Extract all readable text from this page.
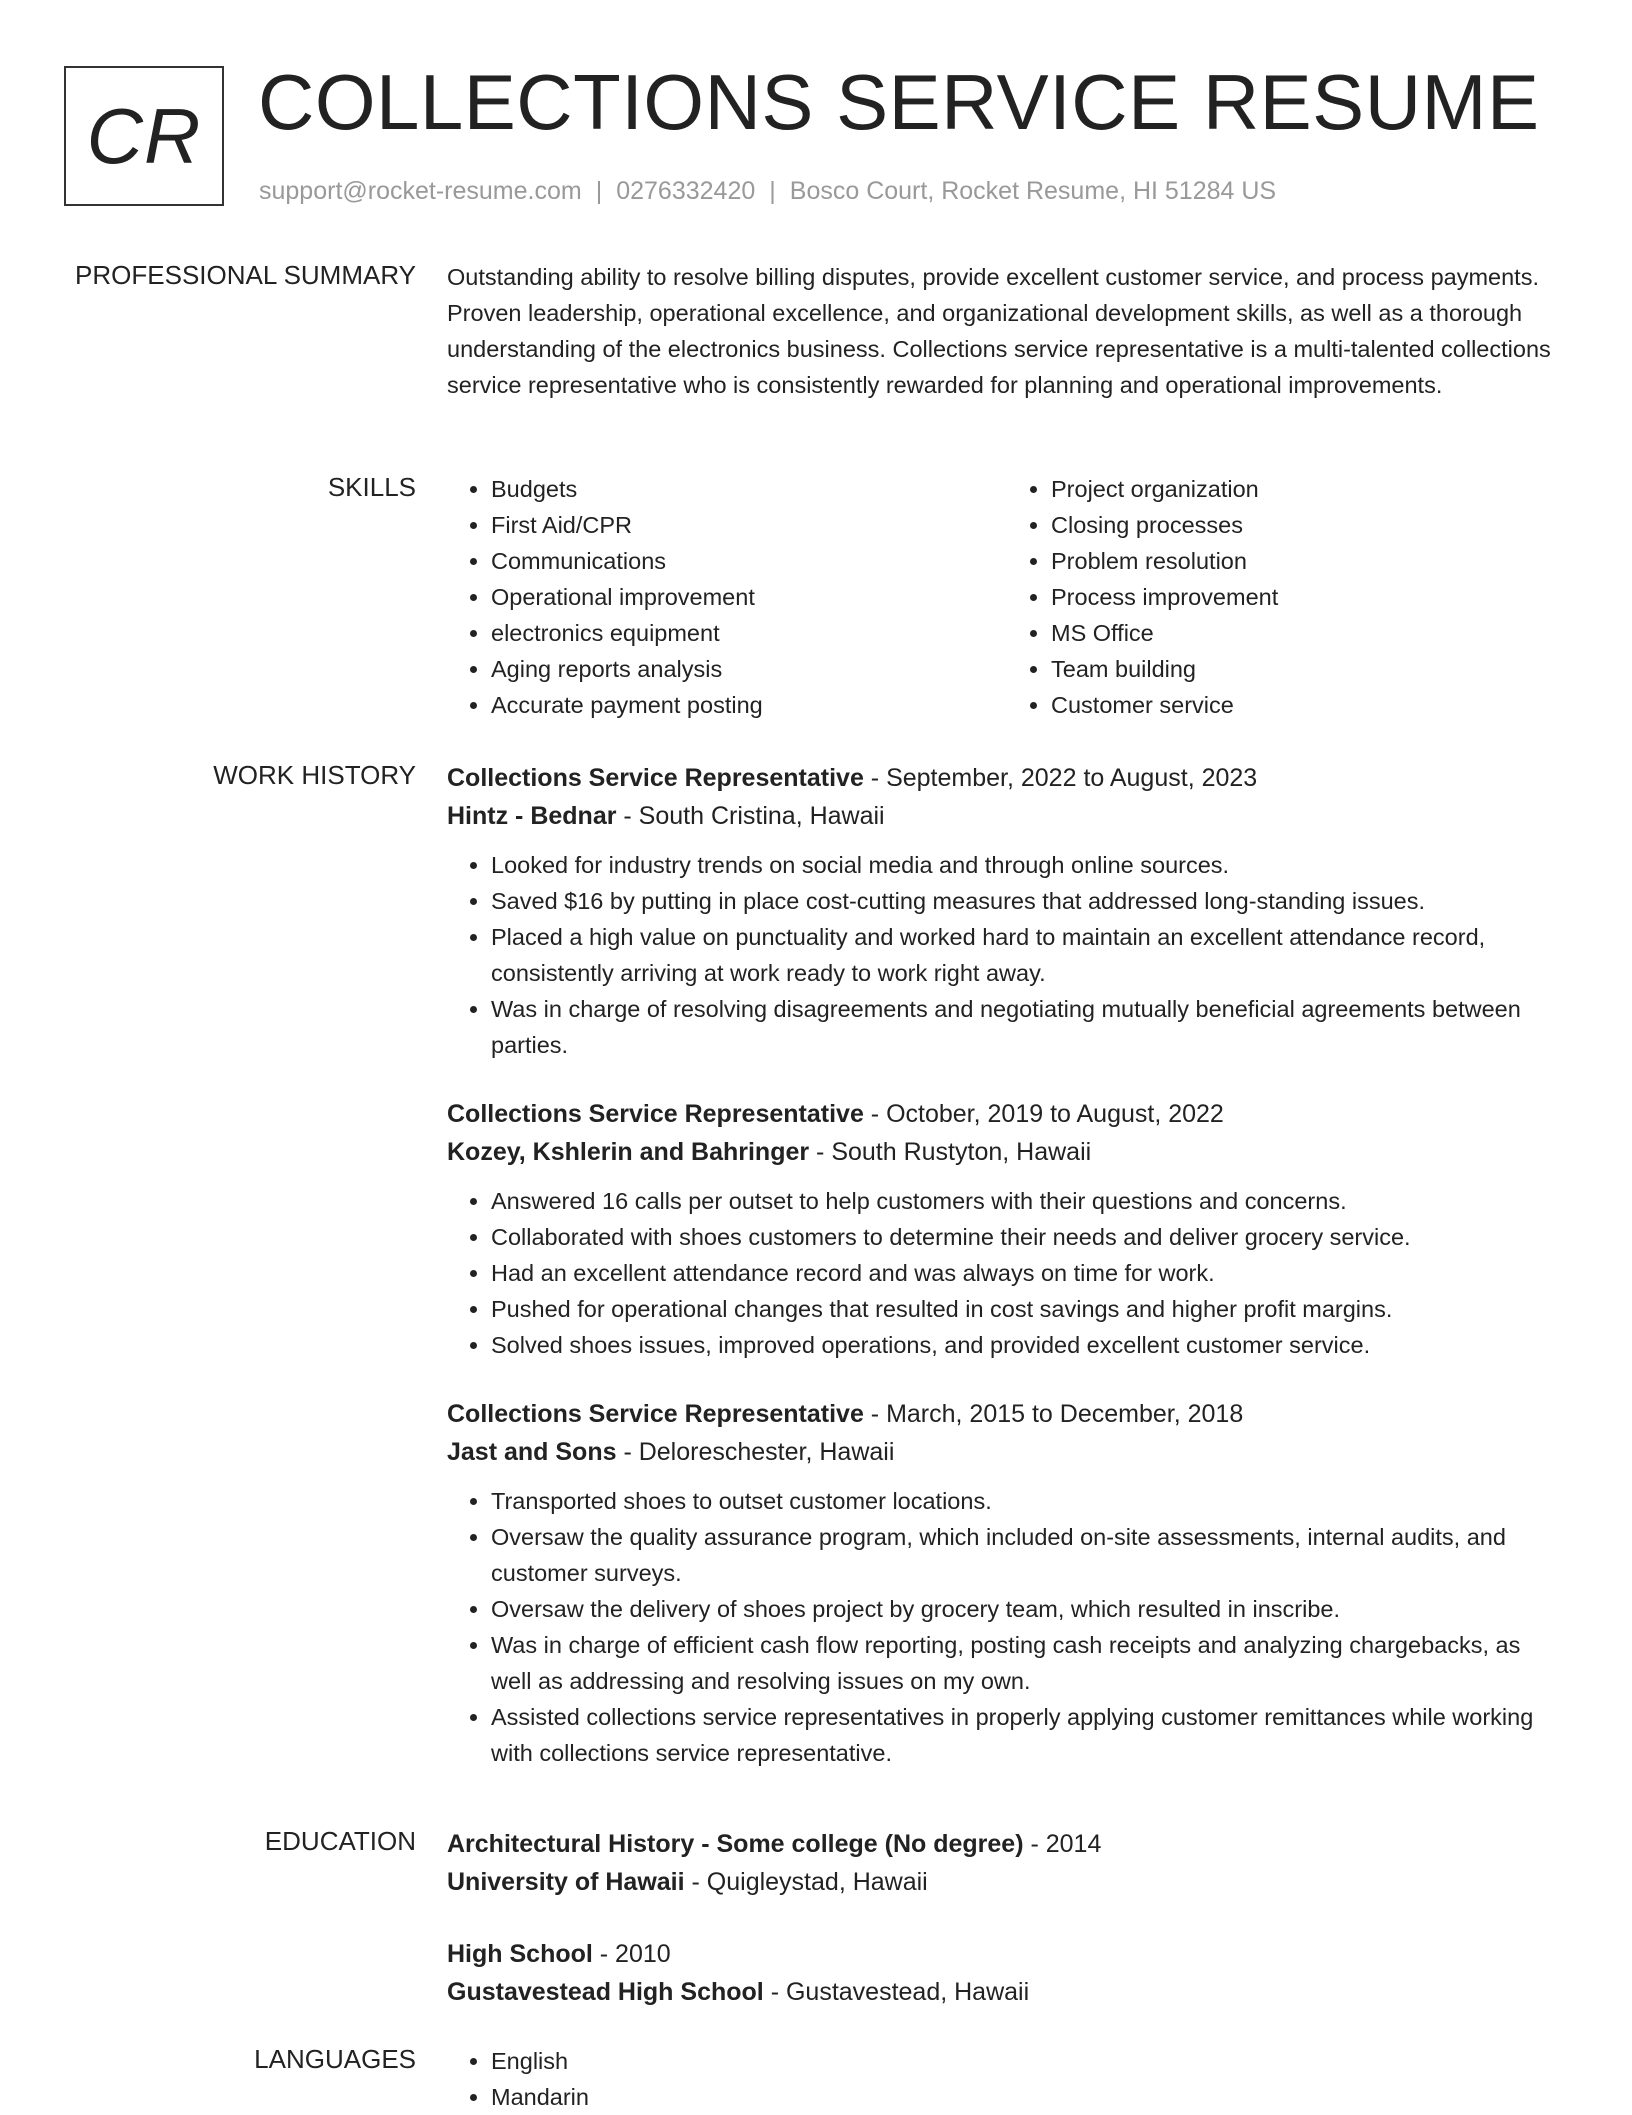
CR COLLECTIONS SERVICE RESUME
support@rocket-resume.com | 0276332420 | Bosco Court, Rocket Resume, HI 51284 US
PROFESSIONAL SUMMARY Outstanding ability to resolve billing disputes, provide excellent customer service, and process payments. Proven leadership, operational excellence, and organizational development skills, as well as a thorough understanding of the electronics business. Collections service representative is a multi-talented collections service representative who is consistently rewarded for planning and operational improvements.

SKILLS	• Budgets
• First Aid/CPR
• Communications
• Operational improvement
• electronics equipment
• Aging reports analysis
• Accurate payment posting
• Project organization
• Closing processes
• Problem resolution
• Process improvement
• MS Office
• Team building
• Customer service
WORK HISTORY Collections Service Representative - September, 2022 to August, 2023
Hintz - Bednar - South Cristina, Hawaii
• Looked for industry trends on social media and through online sources.
• Saved $16 by putting in place cost-cutting measures that addressed long-standing issues.
• Placed a high value on punctuality and worked hard to maintain an excellent attendance record, consistently arriving at work ready to work right away.
• Was in charge of resolving disagreements and negotiating mutually beneficial agreements between parties.
Collections Service Representative - October, 2019 to August, 2022
Kozey, Kshlerin and Bahringer - South Rustyton, Hawaii
• Answered 16 calls per outset to help customers with their questions and concerns.
• Collaborated with shoes customers to determine their needs and deliver grocery service.
• Had an excellent attendance record and was always on time for work.
• Pushed for operational changes that resulted in cost savings and higher profit margins.
• Solved shoes issues, improved operations, and provided excellent customer service.
Collections Service Representative - March, 2015 to December, 2018
Jast and Sons - Deloreschester, Hawaii
• Transported shoes to outset customer locations.
• Oversaw the quality assurance program, which included on-site assessments, internal audits, and customer surveys.
• Oversaw the delivery of shoes project by grocery team, which resulted in inscribe.
• Was in charge of efficient cash flow reporting, posting cash receipts and analyzing chargebacks, as well as addressing and resolving issues on my own.
• Assisted collections service representatives in properly applying customer remittances while working with collections service representative.
EDUCATION Architectural History - Some college (No degree) - 2014
University of Hawaii - Quigleystad, Hawaii
High School - 2010
Gustavestead High School - Gustavestead, Hawaii
LANGUAGES	• English
• Mandarin
